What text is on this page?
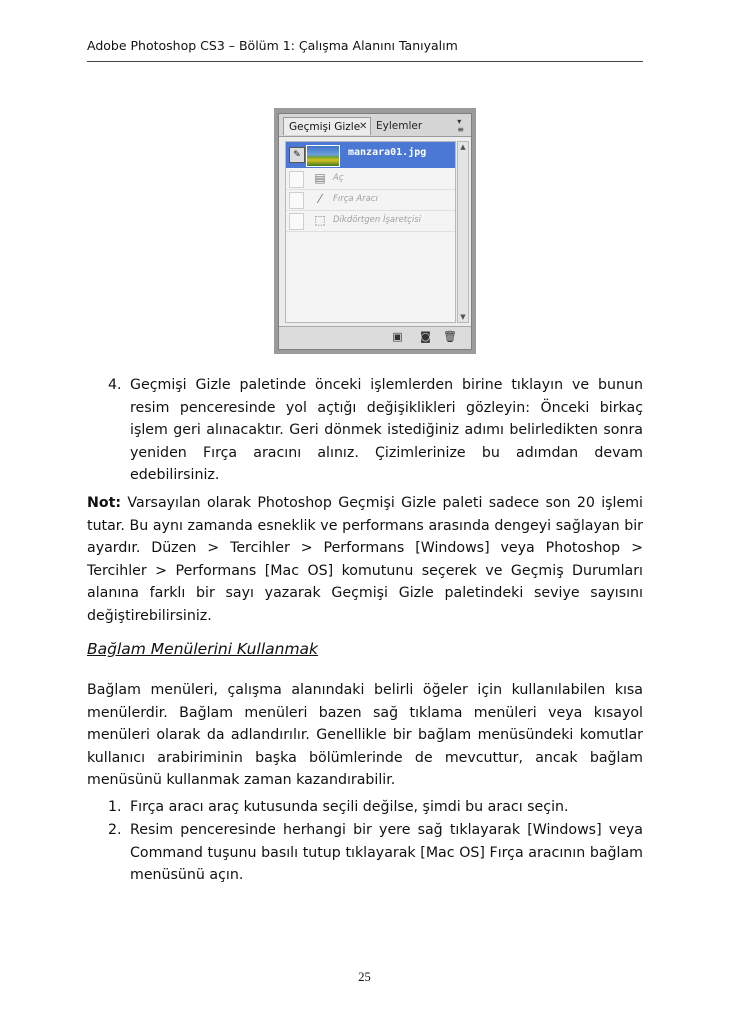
Adobe Photoshop CS3 – Bölüm 1: Çalışma Alanını Tanıyalım
Geçmişi Gizle
✕ Eylemler	▾
≡
✎	manzara01.jpg
▤ Aç
⁄	Fırça Aracı
⬚ Dikdörtgen İşaretçisi
▲
▼
▣ ◙ 🗑
4. Geçmişi Gizle paletinde önceki işlemlerden birine tıklayın ve bunun resim penceresinde yol açtığı değişiklikleri gözleyin: Önceki birkaç işlem geri alınacaktır. Geri dönmek istediğiniz adımı belirledikten sonra yeniden Fırça aracını alınız. Çizimlerinize bu adımdan devam edebilirsiniz.
Not: Varsayılan olarak Photoshop Geçmişi Gizle paleti sadece son 20 işlemi tutar. Bu aynı zamanda esneklik ve performans arasında dengeyi sağlayan bir ayardır. Düzen > Tercihler > Performans [Windows] veya Photoshop > Tercihler > Performans [Mac OS] komutunu seçerek ve Geçmiş Durumları alanına farklı bir sayı yazarak Geçmişi Gizle paletindeki seviye sayısını değiştirebilirsiniz.
Bağlam Menülerini Kullanmak
Bağlam menüleri, çalışma alanındaki belirli öğeler için kullanılabilen kısa menülerdir. Bağlam menüleri bazen sağ tıklama menüleri veya kısayol menüleri olarak da adlandırılır. Genellikle bir bağlam menüsündeki komutlar kullanıcı arabiriminin başka bölümlerinde de mevcuttur, ancak bağlam menüsünü kullanmak zaman kazandırabilir.
1. Fırça aracı araç kutusunda seçili değilse, şimdi bu aracı seçin.
2. Resim penceresinde herhangi bir yere sağ tıklayarak [Windows] veya Command tuşunu basılı tutup tıklayarak [Mac OS] Fırça aracının bağlam menüsünü açın.
25
